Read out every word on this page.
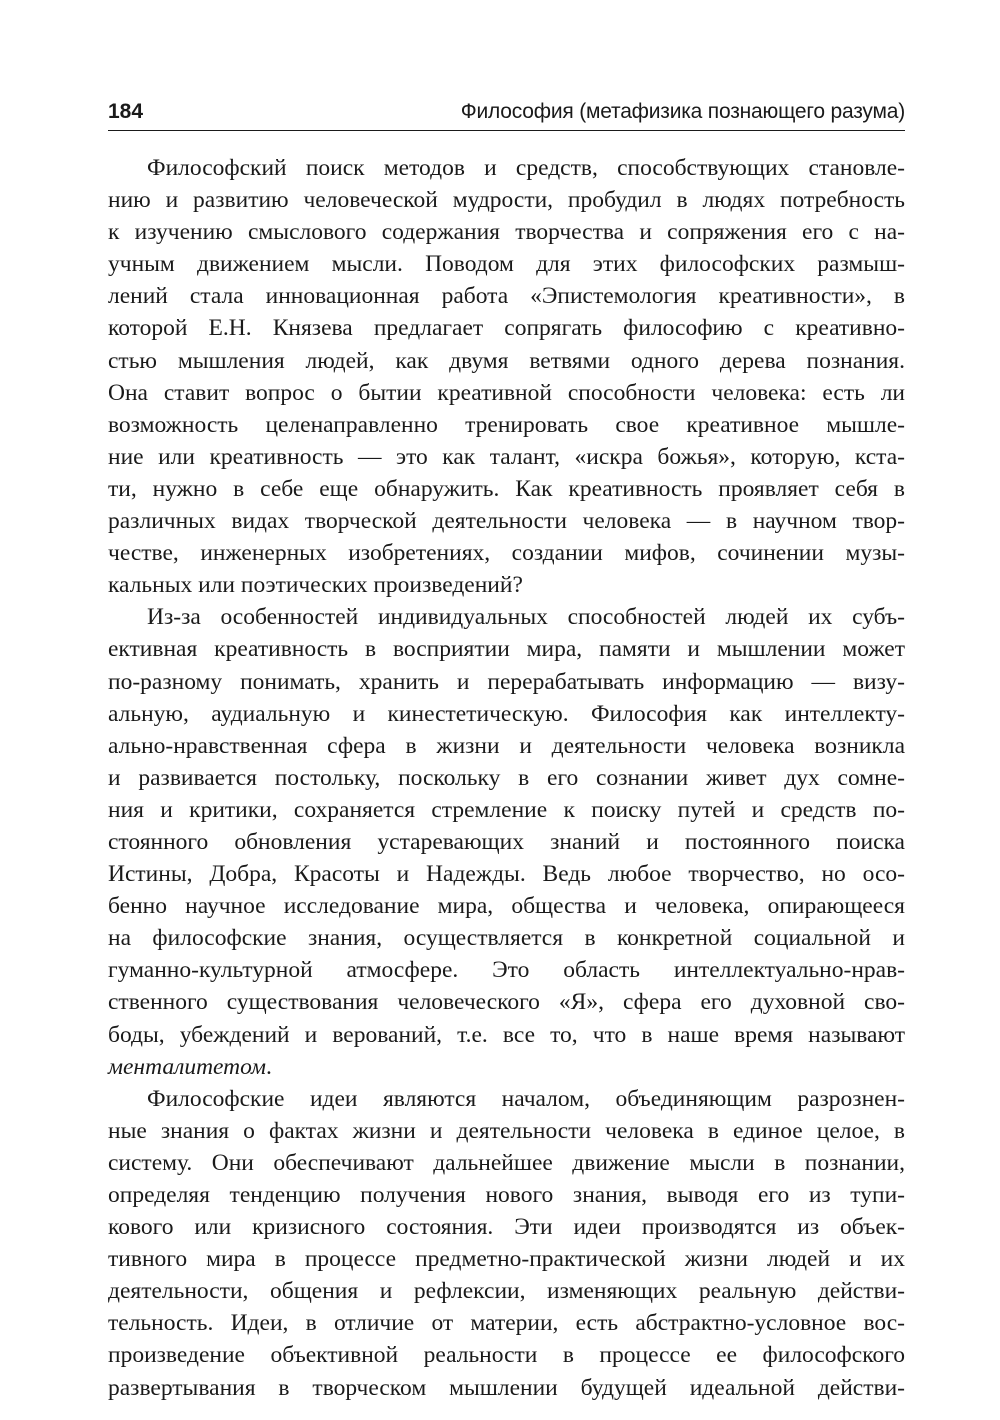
184	Философия (метафизика познающего разума)
Философский поиск методов и средств, способствующих становле-
нию и развитию человеческой мудрости, пробудил в людях потребность
к изучению смыслового содержания творчества и сопряжения его с на-
учным движением мысли. Поводом для этих философских размыш-
лений стала инновационная работа «Эпистемология креативности», в
которой Е.Н. Князева предлагает сопрягать философию с креативно-
стью мышления людей, как двумя ветвями одного дерева познания.
Она ставит вопрос о бытии креативной способности человека: есть ли
возможность целенаправленно тренировать свое креативное мышле-
ние или креативность — это как талант, «искра божья», которую, кста-
ти, нужно в себе еще обнаружить. Как креативность проявляет себя в
различных видах творческой деятельности человека — в научном твор-
честве, инженерных изобретениях, создании мифов, сочинении музы-
кальных или поэтических произведений?
Из-за особенностей индивидуальных способностей людей их субъ-
ективная креативность в восприятии мира, памяти и мышлении может
по-разному понимать, хранить и перерабатывать информацию — визу-
альную, аудиальную и кинестетическую. Философия как интеллекту-
ально-нравственная сфера в жизни и деятельности человека возникла
и развивается постольку, поскольку в его сознании живет дух сомне-
ния и критики, сохраняется стремление к поиску путей и средств по-
стоянного обновления устаревающих знаний и постоянного поиска
Истины, Добра, Красоты и Надежды. Ведь любое творчество, но осо-
бенно научное исследование мира, общества и человека, опирающееся
на философские знания, осуществляется в конкретной социальной и
гуманно-культурной атмосфере. Это область интеллектуально-нрав-
ственного существования человеческого «Я», сфера его духовной сво-
боды, убеждений и верований, т.е. все то, что в наше время называют
менталитетом.
Философские идеи являются началом, объединяющим разрознен-
ные знания о фактах жизни и деятельности человека в единое целое, в
систему. Они обеспечивают дальнейшее движение мысли в познании,
определяя тенденцию получения нового знания, выводя его из тупи-
кового или кризисного состояния. Эти идеи производятся из объек-
тивного мира в процессе предметно-практической жизни людей и их
деятельности, общения и рефлексии, изменяющих реальную действи-
тельность. Идеи, в отличие от материи, есть абстрактно-условное вос-
произведение объективной реальности в процессе ее философского
развертывания в творческом мышлении будущей идеальной действи-
